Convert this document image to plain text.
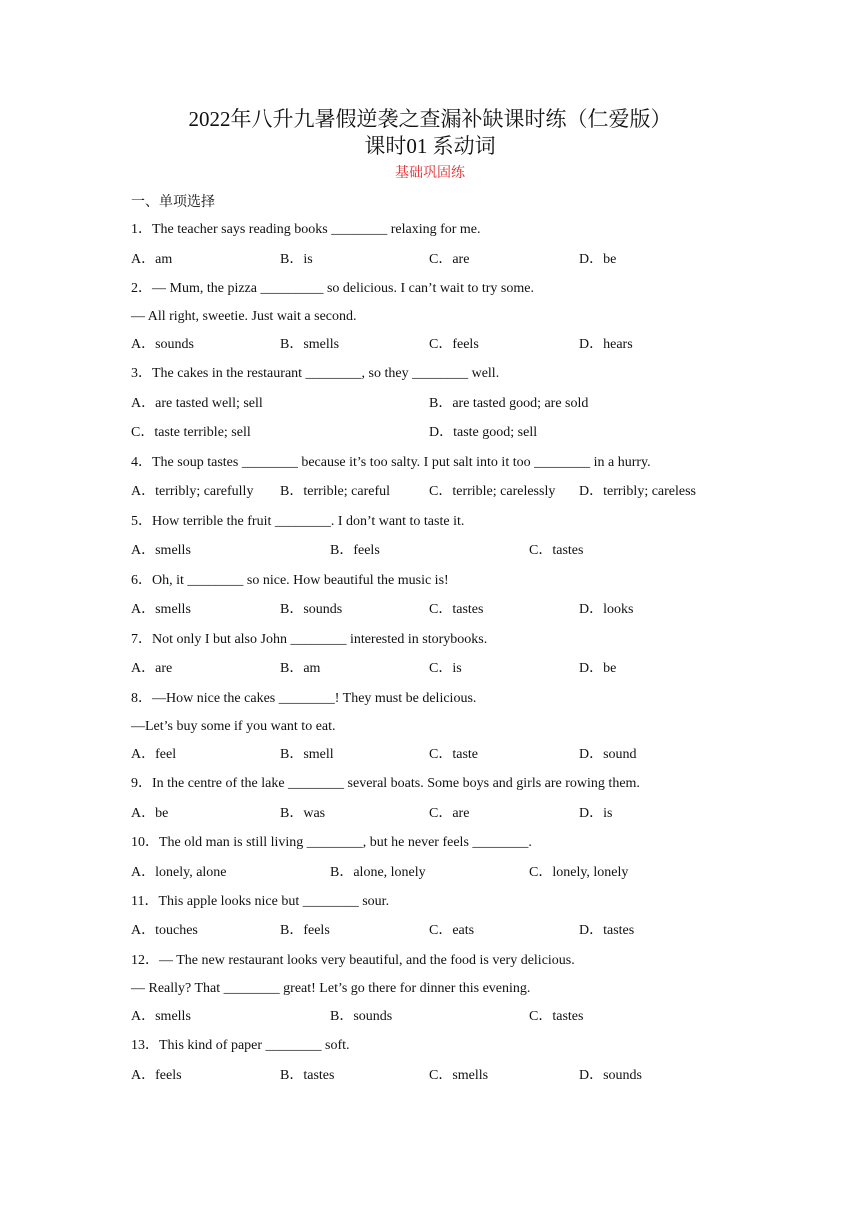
2022年八升九暑假逆袭之查漏补缺课时练（仁爱版）
课时01 系动词
基础巩固练
一、单项选择
1．The teacher says reading books ________ relaxing for me.
A．am	B．is	C．are	D．be
2．— Mum, the pizza _________ so delicious. I can’t wait to try some.
— All right, sweetie. Just wait a second.
A．sounds	B．smells	C．feels	D．hears
3．The cakes in the restaurant ________, so they ________ well.
A．are tasted well; sell	B．are tasted good; are sold
C．taste terrible; sell	D．taste good; sell
4．The soup tastes ________ because it’s too salty. I put salt into it too ________ in a hurry.
A．terribly; carefully B．terrible; careful	C．terrible; carelessly D．terribly; careless
5．How terrible the fruit ________. I don’t want to taste it.
A．smells	B．feels	C．tastes
6．Oh, it ________ so nice. How beautiful the music is!
A．smells	B．sounds	C．tastes	D．looks
7．Not only I but also John ________ interested in storybooks.
A．are	B．am	C．is	D．be
8．—How nice the cakes ________! They must be delicious.
—Let’s buy some if you want to eat.
A．feel	B．smell	C．taste	D．sound
9．In the centre of the lake ________ several boats. Some boys and girls are rowing them.
A．be	B．was	C．are	D．is
10．The old man is still living ________, but he never feels ________.
A．lonely, alone	B．alone, lonely	C．lonely, lonely
11．This apple looks nice but ________ sour.
A．touches	B．feels	C．eats	D．tastes
12．— The new restaurant looks very beautiful, and the food is very delicious.
— Really? That ________ great! Let’s go there for dinner this evening.
A．smells	B．sounds	C．tastes
13．This kind of paper ________ soft.
A．feels	B．tastes	C．smells	D．sounds
